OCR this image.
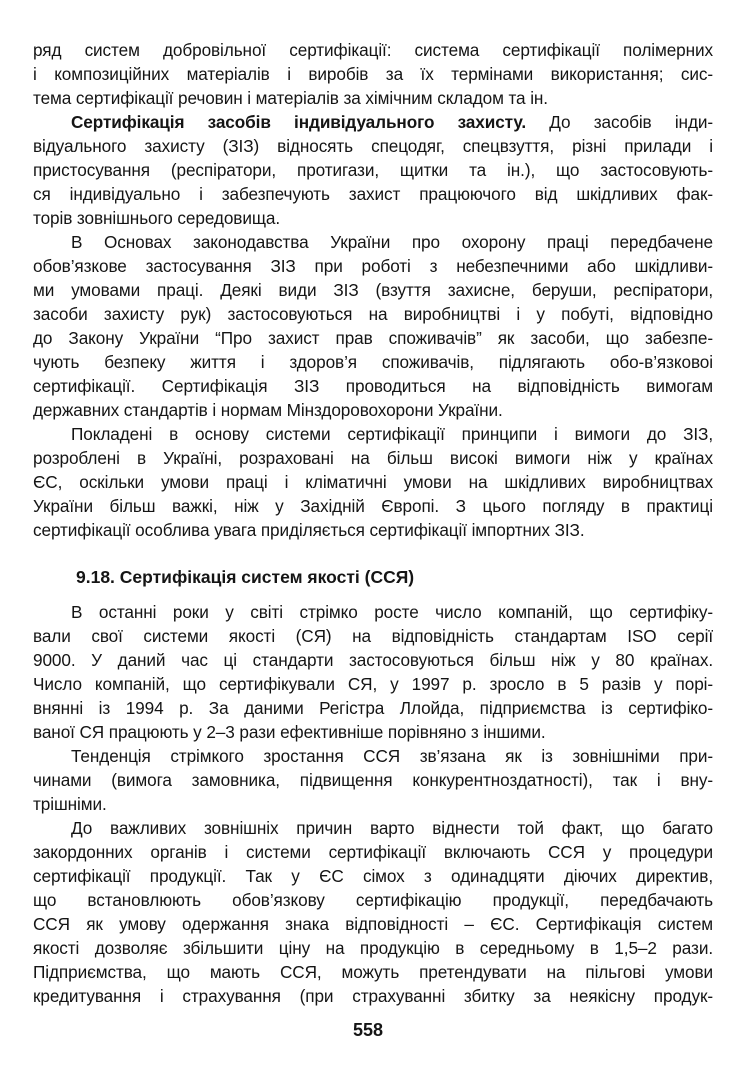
ряд систем добровільної сертифікації: система сертифікації полімерних
і композиційних матеріалів і виробів за їх термінами використання; сис-
тема сертифікації речовин і матеріалів за хімічним складом та ін.
Сертифікація засобів індивідуального захисту. До засобів інди-
відуального захисту (ЗІЗ) відносять спецодяг, спецвзуття, різні прилади і
пристосування (респіратори, протигази, щитки та ін.), що застосовують-
ся індивідуально і забезпечують захист працюючого від шкідливих фак-
торів зовнішнього середовища.
В Основах законодавства України про охорону праці передбачене
обов’язкове застосування ЗІЗ при роботі з небезпечними або шкідливи-
ми умовами праці. Деякі види ЗІЗ (взуття захисне, беруши, респіратори,
засоби захисту рук) застосовуються на виробництві і у побуті, відповідно
до Закону України “Про захист прав споживачів” як засоби, що забезпе-
чують безпеку життя і здоров’я споживачів, підлягають обо-в’язковоі
сертифікації. Сертифікація ЗІЗ проводиться на відповідність вимогам
державних стандартів і нормам Мінздоровохорони України.
Покладені в основу системи сертифікації принципи і вимоги до ЗІЗ,
розроблені в Україні, розраховані на більш високі вимоги ніж у країнах
ЄС, оскільки умови праці і кліматичні умови на шкідливих виробництвах
України більш важкі, ніж у Західній Європі. З цього погляду в практиці
сертифікації особлива увага приділяється сертифікації імпортних ЗІЗ.
9.18. Сертифікація систем якості (ССЯ)
В останні роки у світі стрімко росте число компаній, що сертифіку-
вали свої системи якості (СЯ) на відповідність стандартам ISO серії
9000. У даний час ці стандарти застосовуються більш ніж у 80 країнах.
Число компаній, що сертифікували СЯ, у 1997 р. зросло в 5 разів у порі-
внянні із 1994 р. За даними Регістра Ллойда, підприємства із сертифіко-
ваної СЯ працюють у 2–3 рази ефективніше порівняно з іншими.
Тенденція стрімкого зростання ССЯ зв’язана як із зовнішніми при-
чинами (вимога замовника, підвищення конкурентноздатності), так і вну-
трішніми.
До важливих зовнішніх причин варто віднести той факт, що багато
закордонних органів і системи сертифікації включають ССЯ у процедури
сертифікації продукції. Так у ЄС сімох з одинадцяти діючих директив,
що встановлюють обов’язкову сертифікацію продукції, передбачають
ССЯ як умову одержання знака відповідності – ЄС. Сертифікація систем
якості дозволяє збільшити ціну на продукцію в середньому в 1,5–2 рази.
Підприємства, що мають ССЯ, можуть претендувати на пільгові умови
кредитування і страхування (при страхуванні збитку за неякісну продук-
558
